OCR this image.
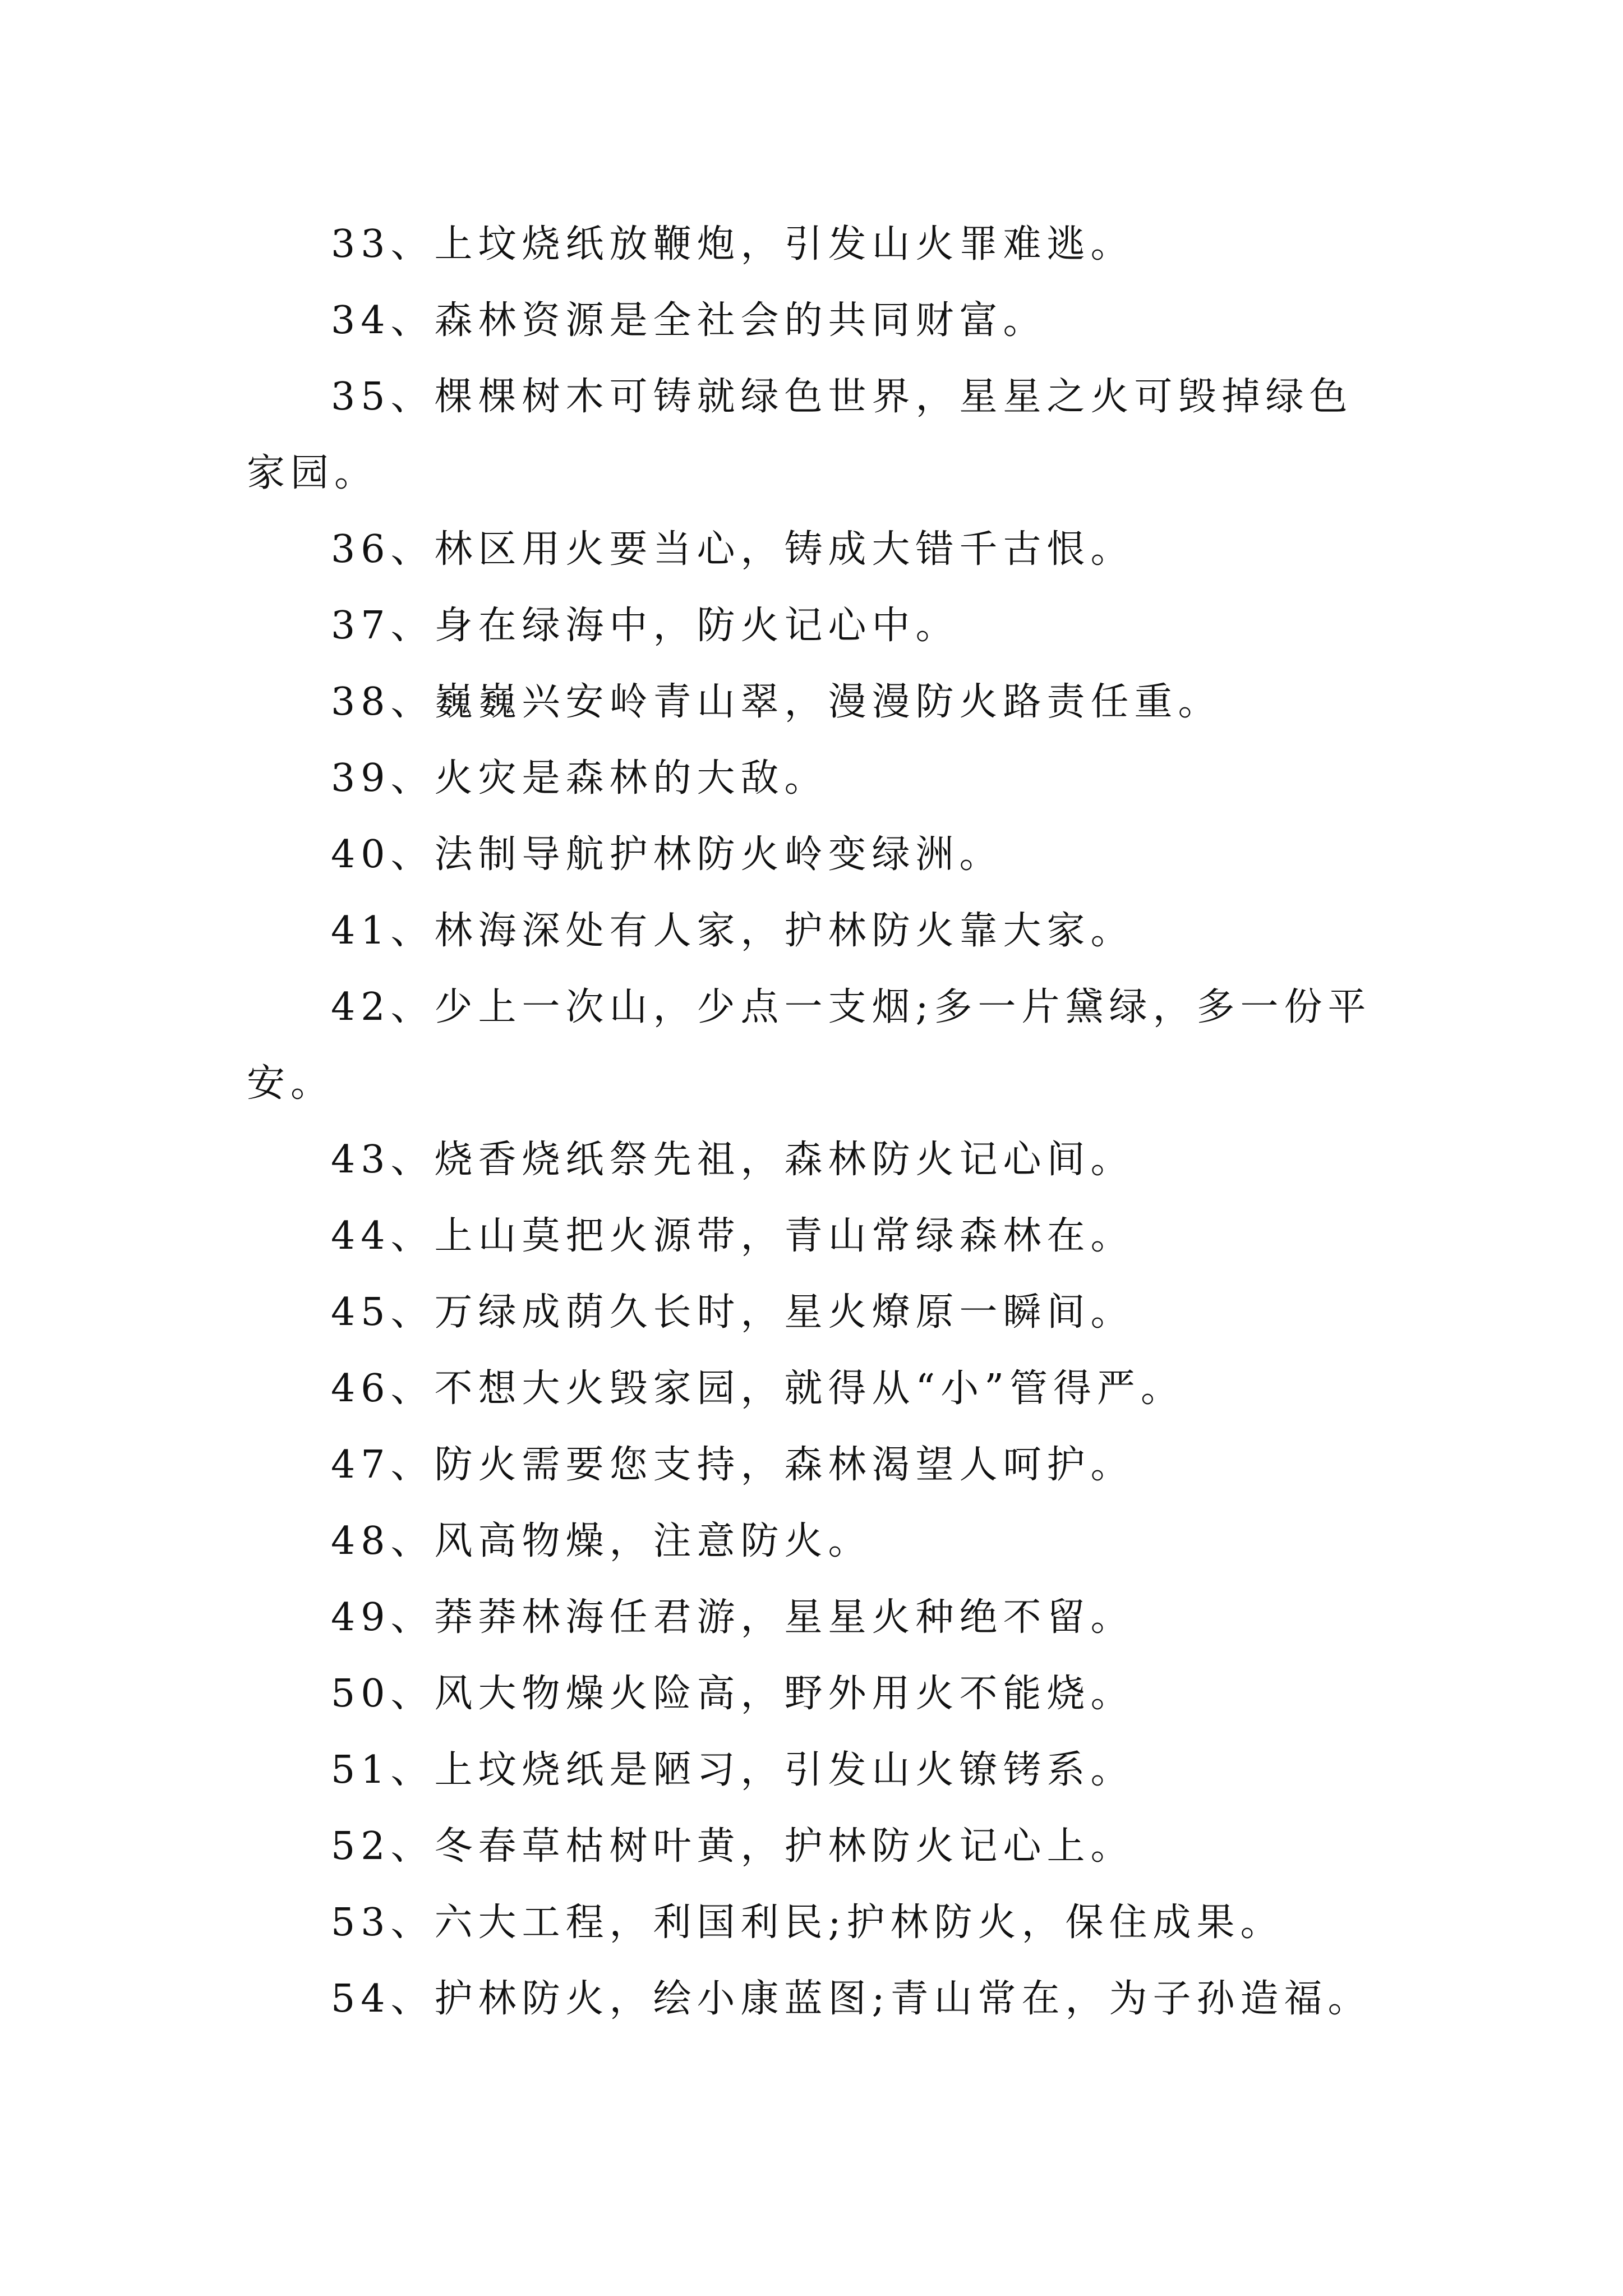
33、上坟烧纸放鞭炮，引发山火罪难逃。

34、森林资源是全社会的共同财富。

35、棵棵树木可铸就绿色世界，星星之火可毁掉绿色家园。

36、林区用火要当心，铸成大错千古恨。

37、身在绿海中，防火记心中。

38、巍巍兴安岭青山翠，漫漫防火路责任重。

39、火灾是森林的大敌。

40、法制导航护林防火岭变绿洲。

41、林海深处有人家，护林防火靠大家。

42、少上一次山，少点一支烟;多一片黛绿，多一份平安。

43、烧香烧纸祭先祖，森林防火记心间。

44、上山莫把火源带，青山常绿森林在。

45、万绿成荫久长时，星火燎原一瞬间。

46、不想大火毁家园，就得从“小”管得严。

47、防火需要您支持，森林渴望人呵护。

48、风高物燥，注意防火。

49、莽莽林海任君游，星星火种绝不留。

50、风大物燥火险高，野外用火不能烧。

51、上坟烧纸是陋习，引发山火镣铐系。

52、冬春草枯树叶黄，护林防火记心上。

53、六大工程，利国利民;护林防火，保住成果。

54、护林防火，绘小康蓝图;青山常在，为子孙造福。
